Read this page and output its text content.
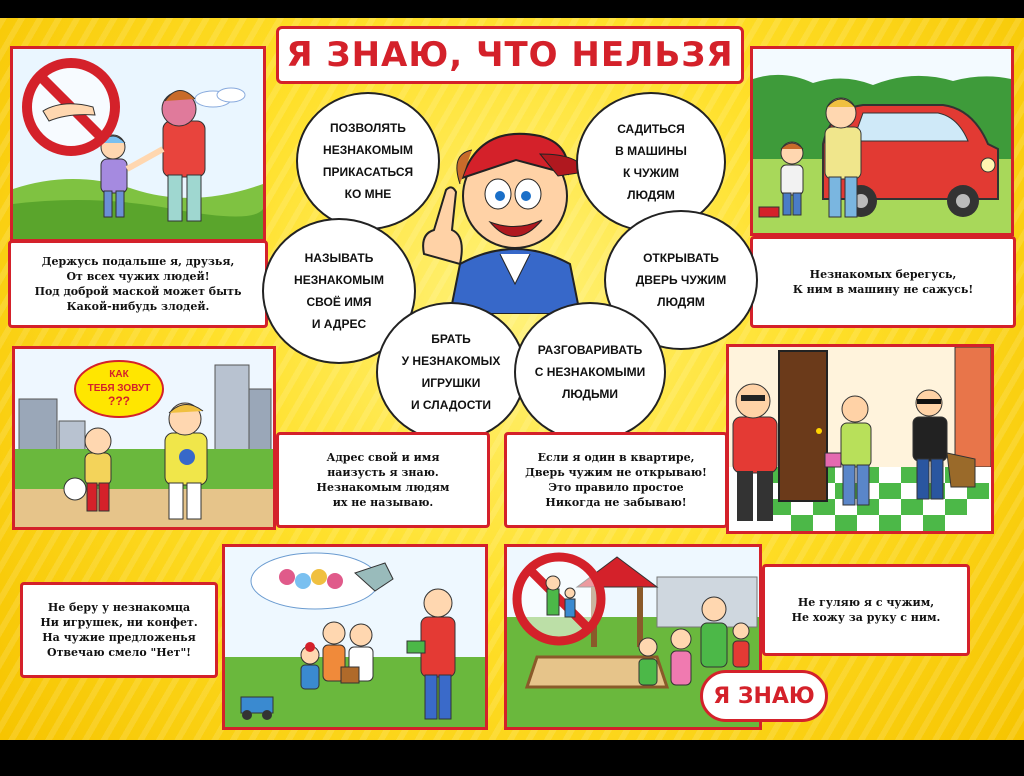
Я ЗНАЮ, ЧТО НЕЛЬЗЯ
Держусь подальше я, друзья,
От всех чужих людей!
Под доброй маской может быть
Какой-нибудь злодей.
Незнакомых берегусь,
К ним в машину не сажусь!
ПОЗВОЛЯТЬ
НЕЗНАКОМЫМ
ПРИКАСАТЬСЯ
КО МНЕ
САДИТЬСЯ
В МАШИНЫ
К ЧУЖИМ
ЛЮДЯМ
НАЗЫВАТЬ
НЕЗНАКОМЫМ
СВОЁ ИМЯ
И АДРЕС
ОТКРЫВАТЬ
ДВЕРЬ ЧУЖИМ
ЛЮДЯМ
БРАТЬ
У НЕЗНАКОМЫХ
ИГРУШКИ
И СЛАДОСТИ
РАЗГОВАРИВАТЬ
С НЕЗНАКОМЫМИ
ЛЮДЬМИ
КАК
ТЕБЯ ЗОВУТ
???
Адрес свой и имя
наизусть я знаю.
Незнакомым людям
их не называю.
Если я один в квартире,
Дверь чужим не открываю!
Это правило простое
Никогда не забываю!
Не беру у незнакомца
Ни игрушек, ни конфет.
На чужие предложенья
Отвечаю смело "Нет"!
Не гуляю я с чужим,
Не хожу за руку с ним.
Я ЗНАЮ
